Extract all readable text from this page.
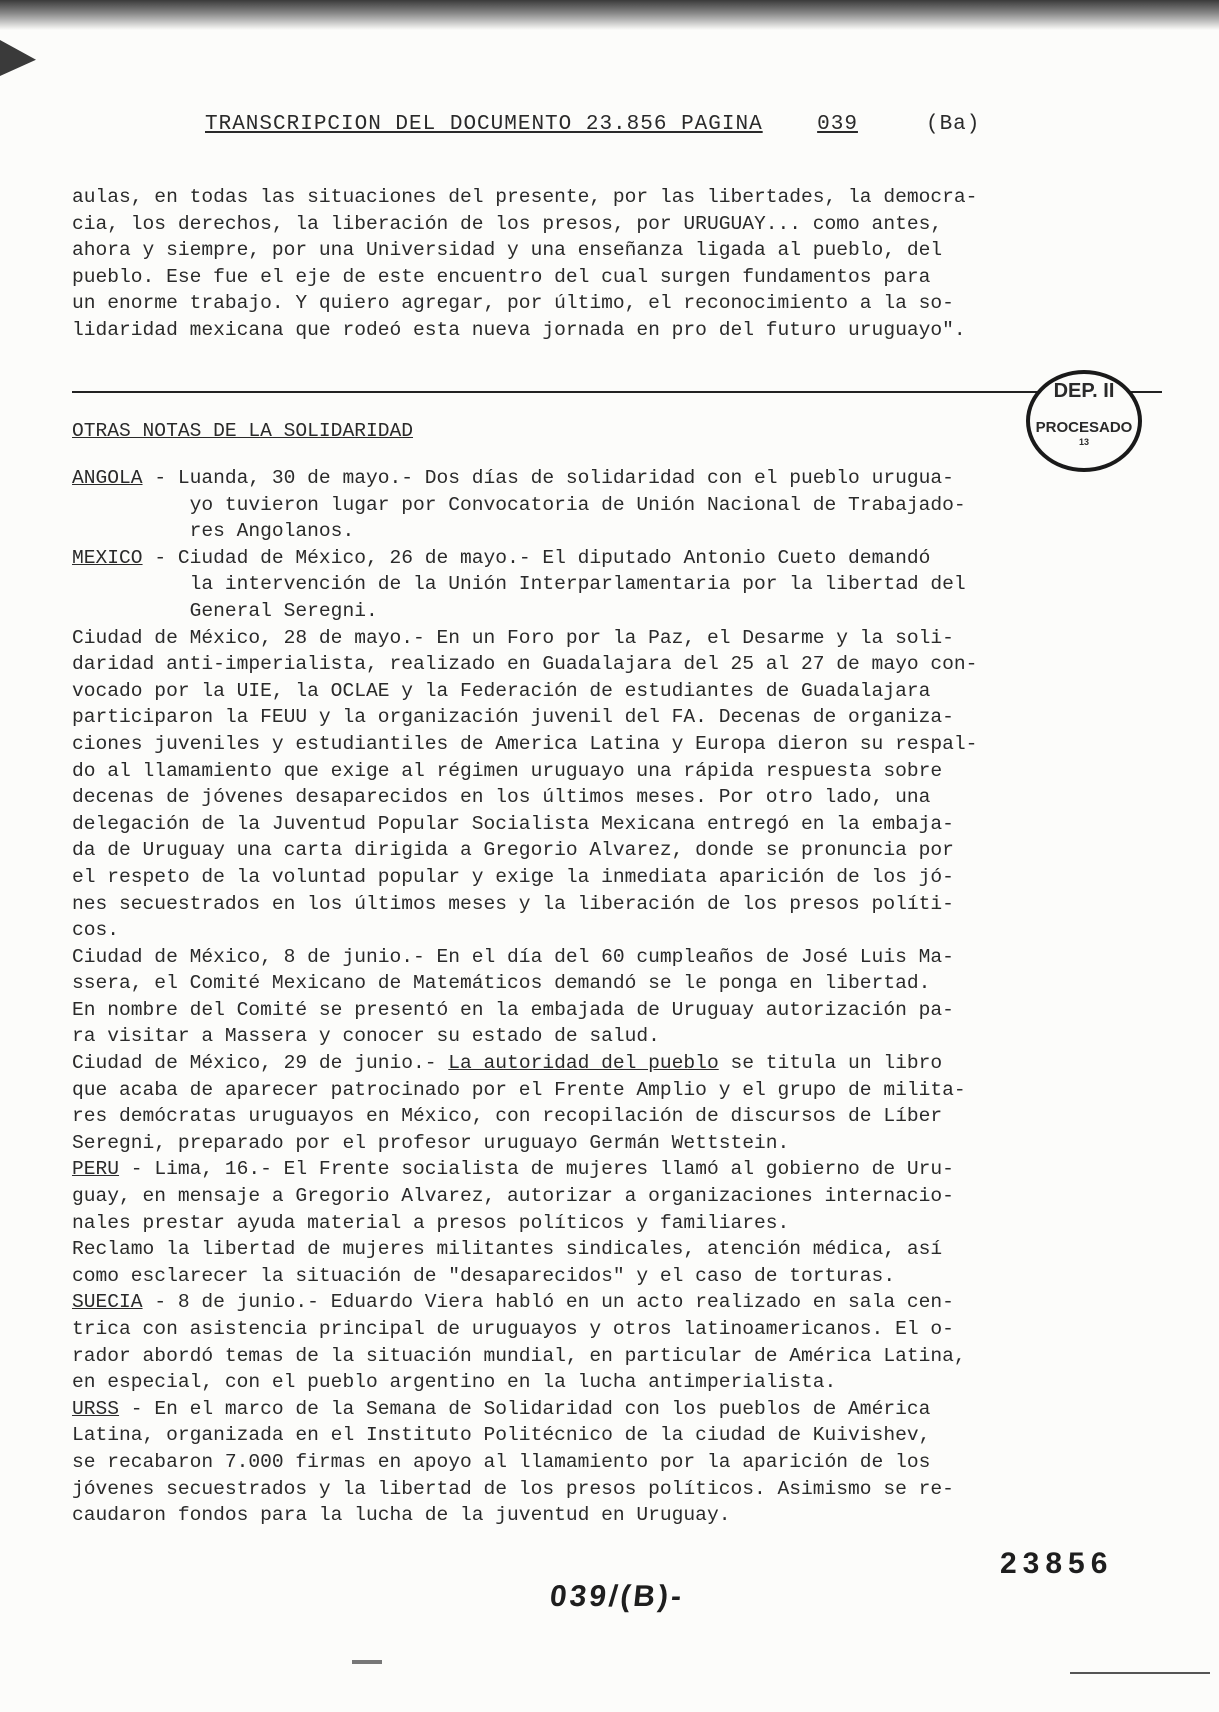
TRANSCRIPCION DEL DOCUMENTO 23.856 PAGINA	039	(Ba)
aulas, en todas las situaciones del presente, por las libertades, la democra-
cia, los derechos, la liberación de los presos, por URUGUAY... como antes,
ahora y siempre, por una Universidad y una enseñanza ligada al pueblo, del
pueblo. Ese fue el eje de este encuentro del cual surgen fundamentos para
un enorme trabajo. Y quiero agregar, por último, el reconocimiento a la so-
lidaridad mexicana que rodeó esta nueva jornada en pro del futuro uruguayo".
DEP. II
PROCESADO
13
OTRAS NOTAS DE LA SOLIDARIDAD
ANGOLA - Luanda, 30 de mayo.- Dos días de solidaridad con el pueblo urugua-
yo tuvieron lugar por Convocatoria de Unión Nacional de Trabajado-
res Angolanos.
MEXICO - Ciudad de México, 26 de mayo.- El diputado Antonio Cueto demandó
la intervención de la Unión Interparlamentaria por la libertad del
General Seregni.
Ciudad de México, 28 de mayo.- En un Foro por la Paz, el Desarme y la soli-
daridad anti-imperialista, realizado en Guadalajara del 25 al 27 de mayo con-
vocado por la UIE, la OCLAE y la Federación de estudiantes de Guadalajara
participaron la FEUU y la organización juvenil del FA. Decenas de organiza-
ciones juveniles y estudiantiles de America Latina y Europa dieron su respal-
do al llamamiento que exige al régimen uruguayo una rápida respuesta sobre
decenas de jóvenes desaparecidos en los últimos meses. Por otro lado, una
delegación de la Juventud Popular Socialista Mexicana entregó en la embaja-
da de Uruguay una carta dirigida a Gregorio Alvarez, donde se pronuncia por
el respeto de la voluntad popular y exige la inmediata aparición de los jó-
nes secuestrados en los últimos meses y la liberación de los presos políti-
cos.
Ciudad de México, 8 de junio.- En el día del 60 cumpleaños de José Luis Ma-
ssera, el Comité Mexicano de Matemáticos demandó se le ponga en libertad.
En nombre del Comité se presentó en la embajada de Uruguay autorización pa-
ra visitar a Massera y conocer su estado de salud.
Ciudad de México, 29 de junio.- La autoridad del pueblo se titula un libro
que acaba de aparecer patrocinado por el Frente Amplio y el grupo de milita-
res demócratas uruguayos en México, con recopilación de discursos de Líber
Seregni, preparado por el profesor uruguayo Germán Wettstein.
PERU - Lima, 16.- El Frente socialista de mujeres llamó al gobierno de Uru-
guay, en mensaje a Gregorio Alvarez, autorizar a organizaciones internacio-
nales prestar ayuda material a presos políticos y familiares.
Reclamo la libertad de mujeres militantes sindicales, atención médica, así
como esclarecer la situación de "desaparecidos" y el caso de torturas.
SUECIA - 8 de junio.- Eduardo Viera habló en un acto realizado en sala cen-
trica con asistencia principal de uruguayos y otros latinoamericanos. El o-
rador abordó temas de la situación mundial, en particular de América Latina,
en especial, con el pueblo argentino en la lucha antimperialista.
URSS - En el marco de la Semana de Solidaridad con los pueblos de América
Latina, organizada en el Instituto Politécnico de la ciudad de Kuivishev,
se recabaron 7.000 firmas en apoyo al llamamiento por la aparición de los
jóvenes secuestrados y la libertad de los presos políticos. Asimismo se re-
caudaron fondos para la lucha de la juventud en Uruguay.
23856
039/(B)-
